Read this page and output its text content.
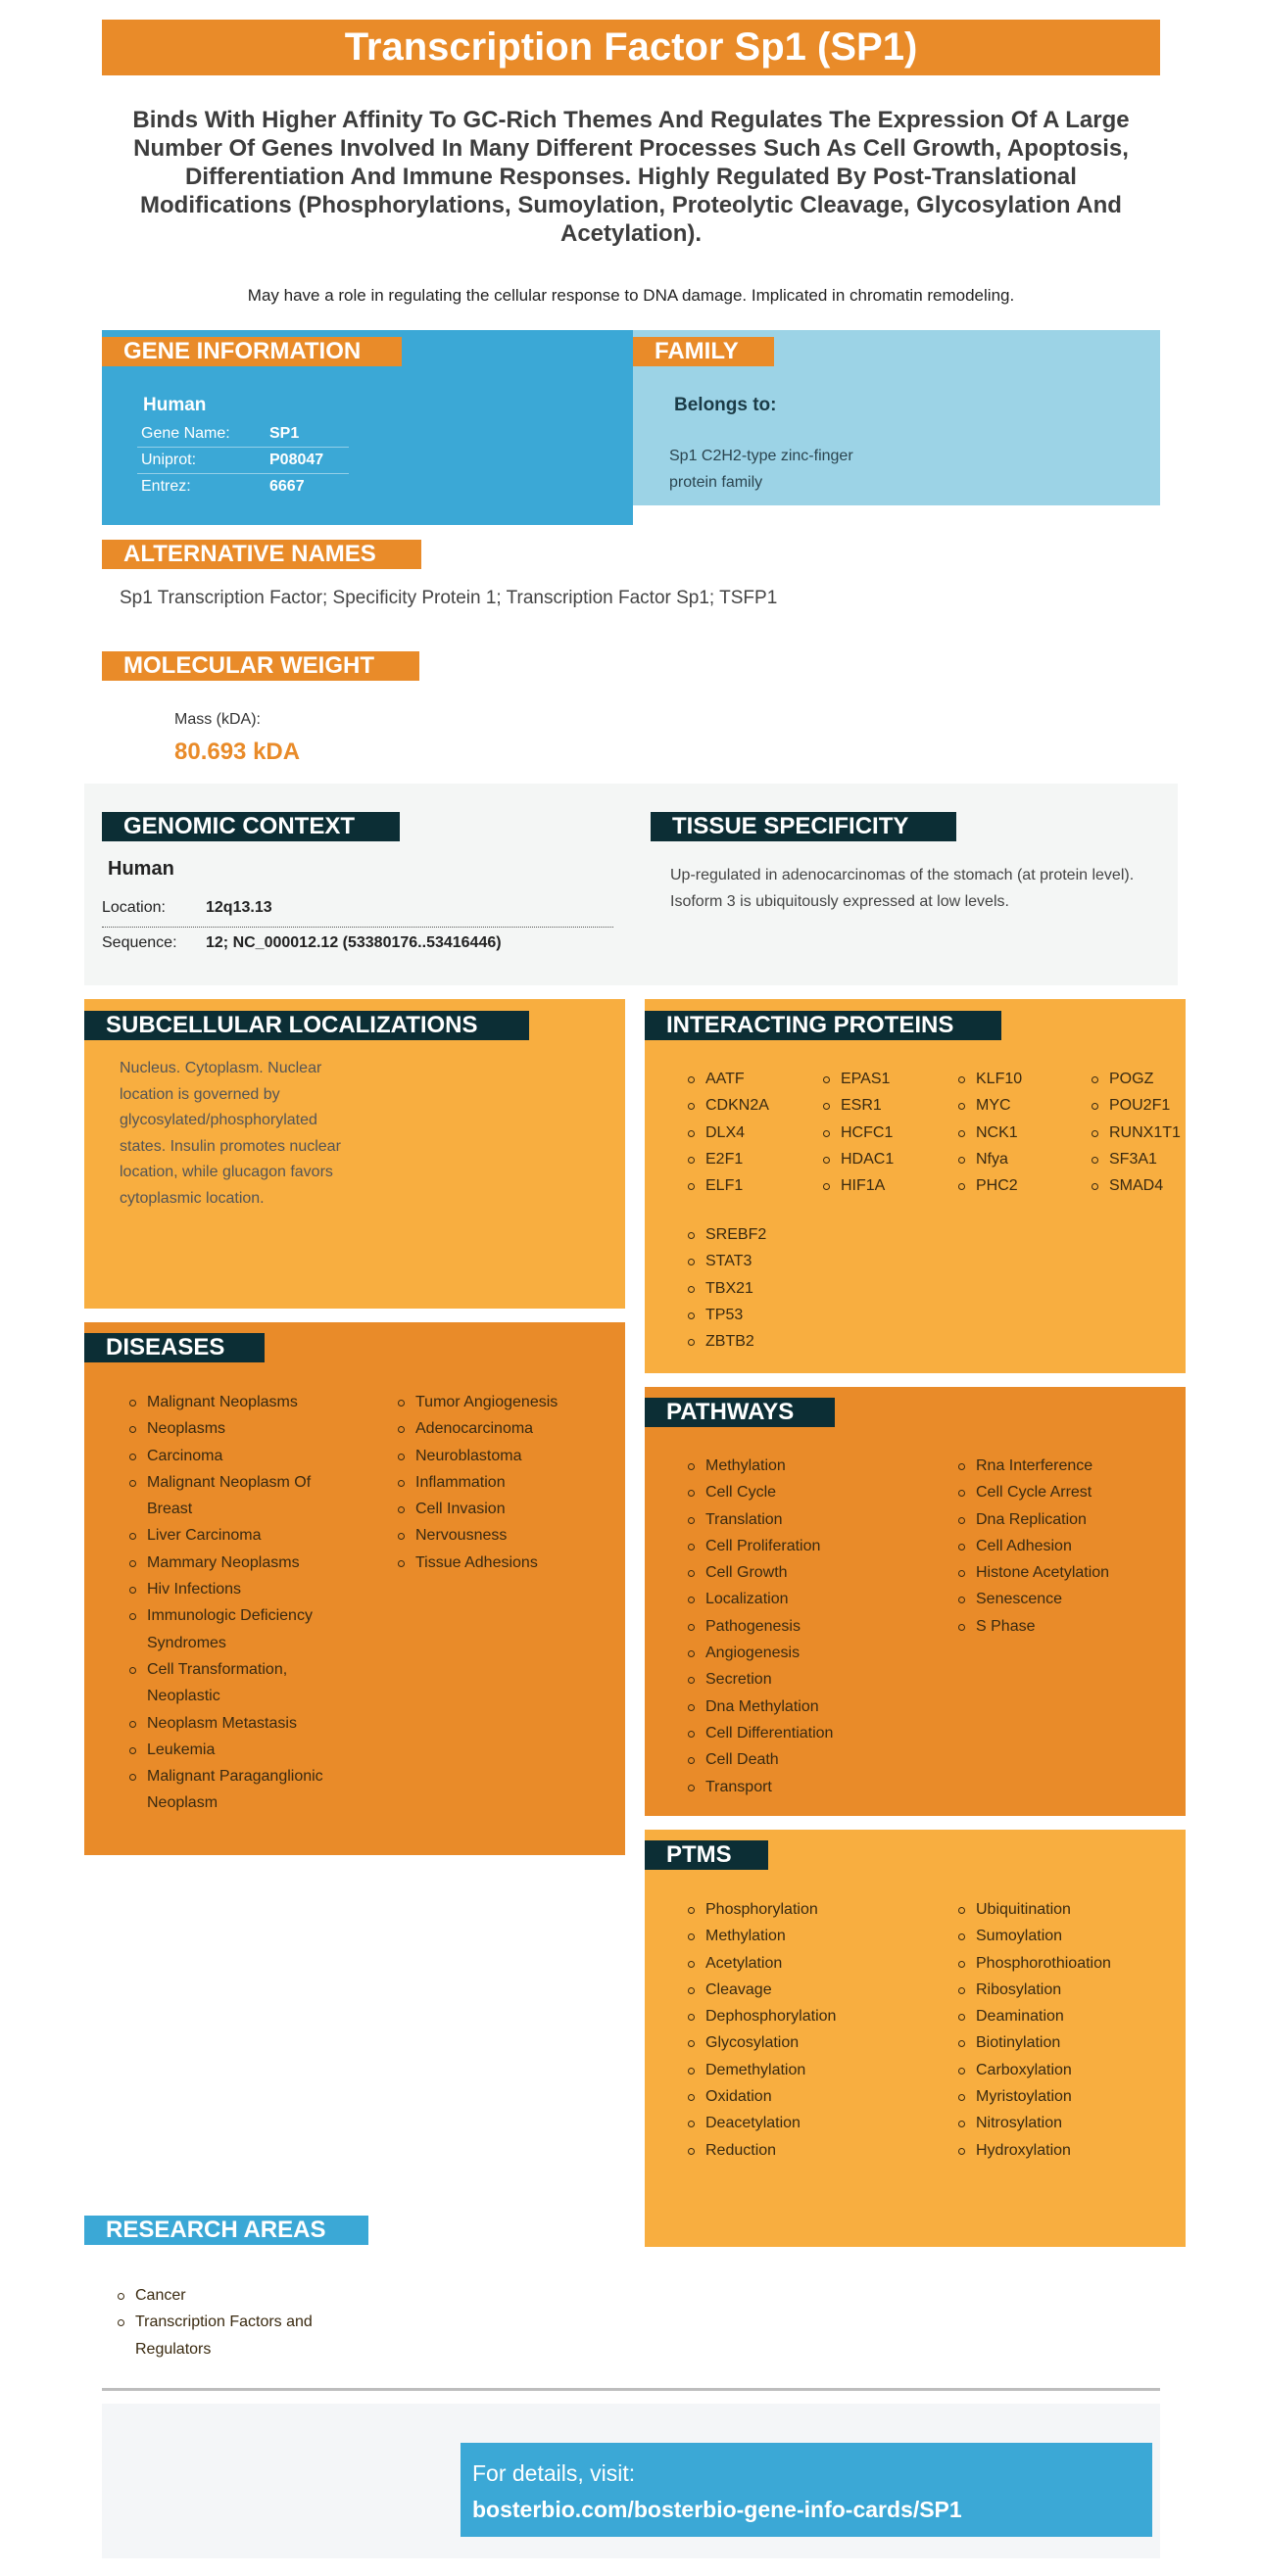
Transcription Factor Sp1 (SP1)
Binds With Higher Affinity To GC-Rich Themes And Regulates The Expression Of A Large Number Of Genes Involved In Many Different Processes Such As Cell Growth, Apoptosis, Differentiation And Immune Responses. Highly Regulated By Post-Translational Modifications (Phosphorylations, Sumoylation, Proteolytic Cleavage, Glycosylation And Acetylation).
May have a role in regulating the cellular response to DNA damage. Implicated in chromatin remodeling.
GENE INFORMATION
Human
Gene Name:	SP1
Uniprot:	P08047
Entrez:	6667
FAMILY
Belongs to:
Sp1 C2H2-type zinc-finger protein family
ALTERNATIVE NAMES
Sp1 Transcription Factor; Specificity Protein 1; Transcription Factor Sp1; TSFP1
MOLECULAR WEIGHT
Mass (kDA):
80.693 kDA
GENOMIC CONTEXT
Human
Location:	12q13.13
Sequence: 12; NC_000012.12 (53380176..53416446)
TISSUE SPECIFICITY
Up-regulated in adenocarcinomas of the stomach (at protein level). Isoform 3 is ubiquitously expressed at low levels.
SUBCELLULAR LOCALIZATIONS
Nucleus. Cytoplasm. Nuclear location is governed by glycosylated/phosphorylated states. Insulin promotes nuclear location, while glucagon favors cytoplasmic location.
INTERACTING PROTEINS
AATF
CDKN2A
DLX4
E2F1
ELF1
EPAS1
ESR1
HCFC1
HDAC1
HIF1A
KLF10
MYC
NCK1
Nfya
PHC2
POGZ
POU2F1
RUNX1T1
SF3A1
SMAD4
SREBF2
STAT3
TBX21
TP53
ZBTB2
DISEASES
Malignant Neoplasms
Neoplasms
Carcinoma
Malignant Neoplasm Of Breast
Liver Carcinoma
Mammary Neoplasms
Hiv Infections
Immunologic Deficiency Syndromes
Cell Transformation, Neoplastic
Neoplasm Metastasis
Leukemia
Malignant Paraganglionic Neoplasm
Tumor Angiogenesis
Adenocarcinoma
Neuroblastoma
Inflammation
Cell Invasion
Nervousness
Tissue Adhesions
PATHWAYS
Methylation
Cell Cycle
Translation
Cell Proliferation
Cell Growth
Localization
Pathogenesis
Angiogenesis
Secretion
Dna Methylation
Cell Differentiation
Cell Death
Transport
Rna Interference
Cell Cycle Arrest
Dna Replication
Cell Adhesion
Histone Acetylation
Senescence
S Phase
PTMS
Phosphorylation
Methylation
Acetylation
Cleavage
Dephosphorylation
Glycosylation
Demethylation
Oxidation
Deacetylation
Reduction
Ubiquitination
Sumoylation
Phosphorothioation
Ribosylation
Deamination
Biotinylation
Carboxylation
Myristoylation
Nitrosylation
Hydroxylation
RESEARCH AREAS
Cancer
Transcription Factors and Regulators
For details, visit:
bosterbio.com/bosterbio-gene-info-cards/SP1
